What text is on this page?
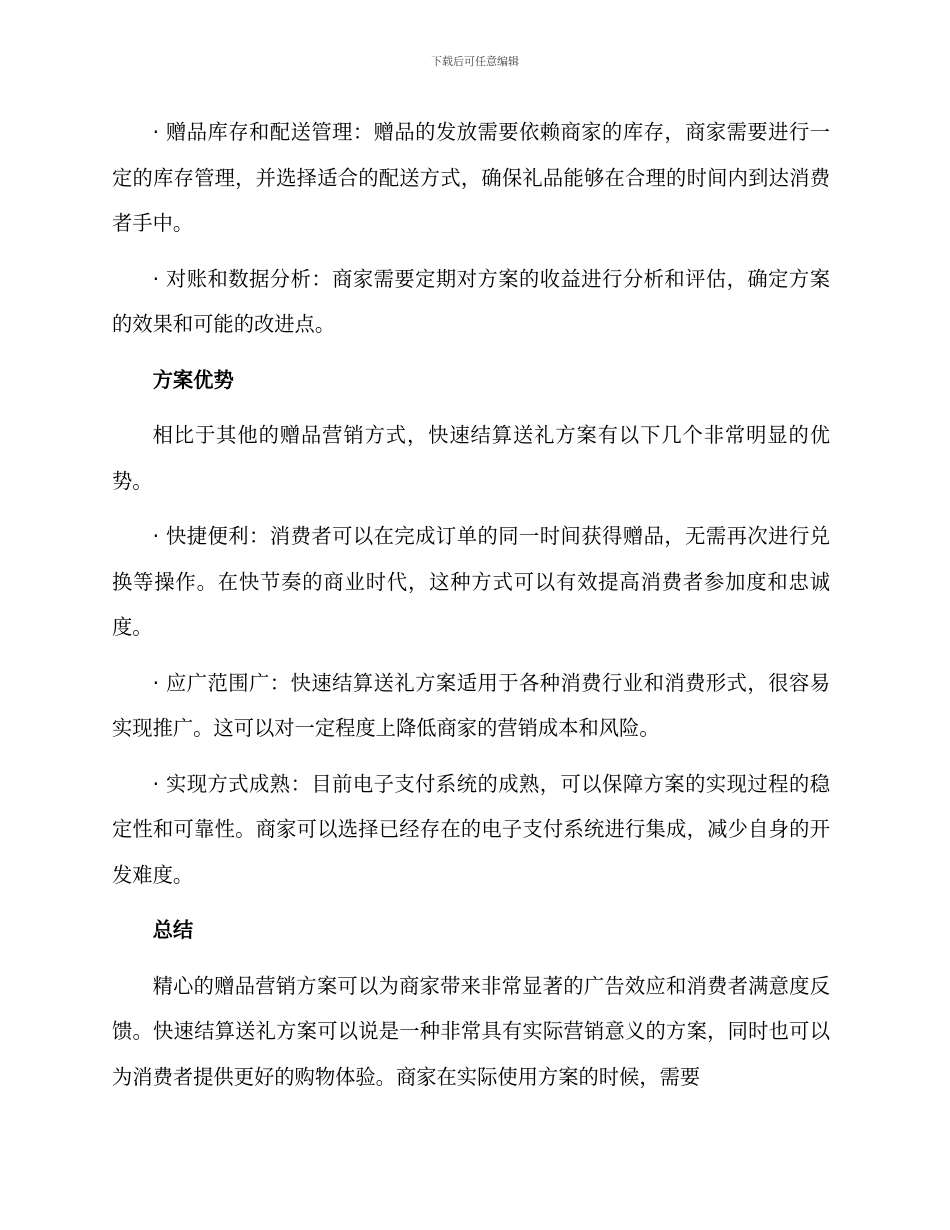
下载后可任意编辑

· 赠品库存和配送管理：赠品的发放需要依赖商家的库存，商家需要进行一定的库存管理，并选择适合的配送方式，确保礼品能够在合理的时间内到达消费者手中。

· 对账和数据分析：商家需要定期对方案的收益进行分析和评估，确定方案的效果和可能的改进点。

方案优势

相比于其他的赠品营销方式，快速结算送礼方案有以下几个非常明显的优势。

· 快捷便利：消费者可以在完成订单的同一时间获得赠品，无需再次进行兑换等操作。在快节奏的商业时代，这种方式可以有效提高消费者参加度和忠诚度。

· 应广范围广：快速结算送礼方案适用于各种消费行业和消费形式，很容易实现推广。这可以对一定程度上降低商家的营销成本和风险。

· 实现方式成熟：目前电子支付系统的成熟，可以保障方案的实现过程的稳定性和可靠性。商家可以选择已经存在的电子支付系统进行集成，减少自身的开发难度。

总结

精心的赠品营销方案可以为商家带来非常显著的广告效应和消费者满意度反馈。快速结算送礼方案可以说是一种非常具有实际营销意义的方案，同时也可以为消费者提供更好的购物体验。商家在实际使用方案的时候，需要
